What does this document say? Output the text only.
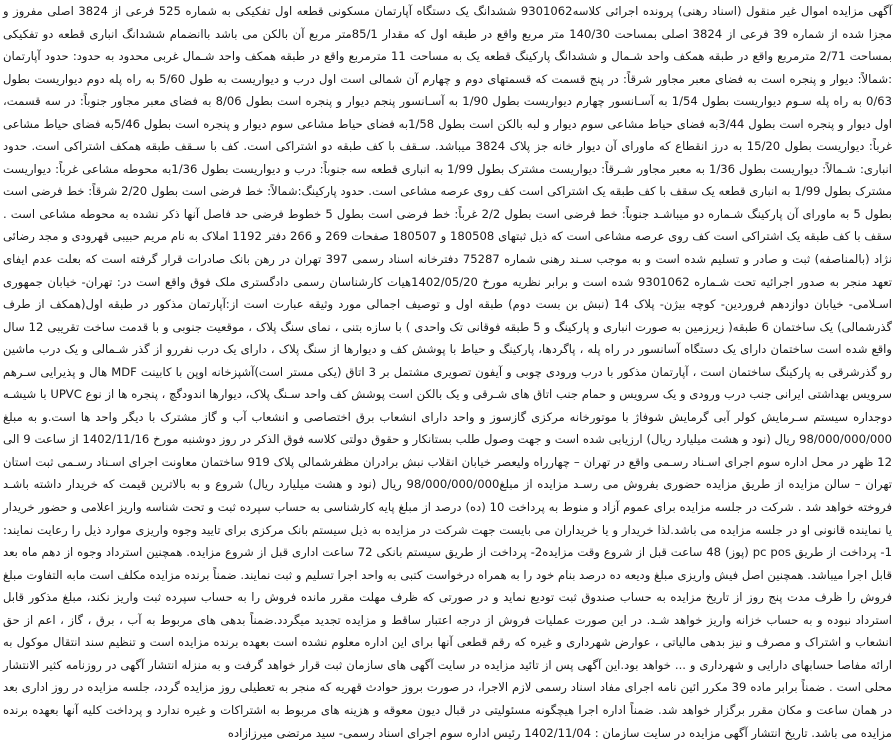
آگهی مزایده اموال غیر منقول (اسناد رهنی) پرونده اجرائی کلاسه9301062 ششدانگ یک دستگاه آپارتمان مسکونی قطعه اول تفکیکی به شماره 525 فرعی از 3824 اصلی مفروز و مجزا شده از شماره 39 فرعی از 3824 اصلی بمساحت 140/30 متر مربع واقع در طبقه اول که مقدار 85/1متر مربع آن بالکن می باشد باانضمام ششدانگ انباری قطعه دو تفکیکی بمساحت 2/71 مترمربع واقع در طبقه همکف واحد شـمال و ششدانگ پارکینگ قطعه یک به مساحت 11 مترمربع واقع در طبقه همکف واحد شـمال غربی محدود به حدود: حدود آپارتمان :شمالاً: دیوار و پنجره است به فضای معبر مجاور شرقاً: در پنج قسمت که قسمتهای دوم و چهارم آن شمالی است اول درب و دیواریست به طول 5/60 به راه پله دوم دیواریست بطول 0/63 به راه پله سـوم دیواریست بطول 1/54 به آسـانسور چهارم دیواریست بطول 1/90 به آسـانسور پنجم دیوار و پنجره است بطول 8/06 به فضای معبر مجاور جنوباً: در سه قسمت، اول دیوار و پنجره است بطول 3/44به فضای حیاط مشاعی سوم دیوار و لبه بالکن است بطول 1/58به فضای حیاط مشاعی سوم دیوار و پنجره است بطول 5/46به فضای حیاط مشاعی غرباً: دیواریست بطول 15/20 به درز انقطاع که ماورای آن دیوار خانه جز پلاک 3824 میباشد. سـقف با کف طبقه دو اشتراکی است. کف با سـقف طبقه همکف اشتراکی است. حدود انباری: شـمالاً: دیواریست بطول 1/36 به معبر مجاور شـرقاً: دیواریست مشترک بطول 1/99 به انباری قطعه سه جنوباً: درب و دیواریست بطول 1/36به محوطه مشاعی غرباً: دیواریست مشترک بطول 1/99 به انباری قطعه یک سقف با کف طبقه یک اشتراکی است کف روی عرصه مشاعی است. حدود پارکینگ:شمالاً: خط فرضی است بطول 2/20 شرقاً: خط فرضی است بطول 5 به ماورای آن پارکینگ شـماره دو میباشـد جنوباً: خط فرضی است بطول 2/2 غرباً: خط فرضی است بطول 5 خطوط فرضی حد فاصل آنها ذکر نشده به محوطه مشاعی است . سقف با کف طبقه یک اشتراکی است کف روی عرصه مشاعی است که ذیل ثبتهای 180508 و 180507 صفحات 269 و 266 دفتر 1192 املاک به نام مریم حبیبی قهرودی و مجد رضائی نژاد (بالمناصفه) ثبت و صادر و تسلیم شده است و به موجب سـند رهنی شماره 75287 دفترخانه اسناد رسمی 397 تهران در رهن بانک صادرات قرار گرفته است که بعلت عدم ایفای تعهد منجر به صدور اجرائیه تحت شـماره 9301062 شده است و برابر نظریه مورخ 1402/05/20هیات کارشناسان رسمی دادگستری ملک فوق واقع است در: تهران- خیابان جمهوری اسـلامی- خیابان دوازدهم فروردین- کوچه بیژن- پلاک 14 (نبش بن بست دوم) طبقه اول و توصیف اجمالی مورد وثیقه عبارت است از:آپارتمان مذکور در طبقه اول(همکف از طرف گذرشمالی) یک ساختمان 6 طبقه( زیرزمین به صورت انباری و پارکینگ و 5 طبقه فوقانی تک واحدی ) با سازه بتنی ، نمای سنگ پلاک ، موقعیت جنوبی و با قدمت ساخت تقریبی 12 سال واقع شده است ساختمان دارای یک دستگاه آسانسور در راه پله ، پاگردها، پارکینگ و حیاط با پوشش کف و دیوارها از سنگ پلاک ، دارای یک درب نفررو از گذر شـمالی و یک درب ماشین رو گذرشرقی به پارکینگ ساختمان است ، آپارتمان مذکور با درب ورودی چوبی و آیفون تصویری مشتمل بر 3 اتاق (یکی مستر است)آشپزخانه اوپن با کابینت MDF هال و پذیرایی سـرهم سرویس بهداشتی ایرانی جنب درب ورودی و یک سرویس و حمام جنب اتاق های شـرقی و یک بالکن است پوشش کف واحد سـنگ پلاک، دیوارها اندودگچ ، پنجره ها از نوع UPVC با شیشـه دوجداره سیستم سـرمایش کولر آبی گرمایش شوفاژ با موتورخانه مرکزی گازسوز و واحد دارای انشعاب برق اختصاصی و انشعاب آب و گاز مشترک با دیگر واحد ها است.و به مبلغ 98/000/000/000 ریال (نود و هشت میلیارد ریال) ارزیابی شده است و جهت وصول طلب بستانکار و حقوق دولتی کلاسه فوق الذکر در روز دوشنبه مورخ 1402/11/16 از ساعت 9 الی 12 ظهر در محل اداره سوم اجرای اسـناد رسـمی واقع در تهران – چهارراه ولیعصر خیابان انقلاب نبش برادران مظفرشمالی پلاک 919 ساختمان معاونت اجرای اسـناد رسـمی ثبت استان تهران – سالن مزایده از طریق مزایده حضوری بفروش می رسـد مزایده از مبلغ98/000/000/000 ریال (نود و هشت میلیارد ریال) شروع و به بالاترین قیمت که خریدار داشته باشـد فروخته خواهد شد . شرکت در جلسه مزایده برای عموم آزاد و منوط به پرداخت 10 (ده) درصد از مبلغ پایه کارشناسی به حساب سپرده ثبت و تحت شناسه واریز اعلامی و حضور خریدار یا نماینده قانونی او در جلسه مزایده می باشد.لذا خریدار و یا خریداران می بایست جهت شرکت در مزایده به ذیل سیستم بانک مرکزی برای تایید وجوه واریزی موارد ذیل را رعایت نمایند: 1- پرداخت از طریق pc pos (پوز) 48 ساعت قبل از شروع وقت مزایده2- پرداخت از طریق سیستم بانکی 72 ساعت اداری قبل از شروع مزایده. همچنین استرداد وجوه از دهم ماه بعد قابل اجرا میباشد. همچنین اصل فیش واریزی مبلغ ودیعه ده درصد بنام خود را به همراه درخواست کتبی به واحد اجرا تسلیم و ثبت نمایند. ضمناً برنده مزایده مکلف است مابه التفاوت مبلغ فروش را ظرف مدت پنج روز از تاریخ مزایده به حساب صندوق ثبت تودیع نماید و در صورتی که ظرف مهلت مقرر مانده فروش را به حساب سپرده ثبت واریز نکند، مبلغ مذکور قابل استرداد نبوده و به حساب خزانه واریز خواهد شـد. در این صورت عملیات فروش از درجه اعتبار ساقط و مزایده تجدید میگردد.ضمناً بدهی های مربوط به آب ، برق ، گاز ، اعم از حق انشعاب و اشتراک و مصرف و نیز بدهی مالیاتی ، عوارض شهرداری و غیره که رقم قطعی آنها برای این اداره معلوم نشده است بعهده برنده مزایده است و تنظیم سند انتقال موکول به ارائه مفاصا حسابهای دارایی و شهرداری و ... خواهد بود.این آگهی پس از تائید مزایده در سایت آگهی های سازمان ثبت قرار خواهد گرفت و به منزله انتشار آگهی در روزنامه کثیر الانتشار محلی است . ضمناً برابر ماده 39 مکرر ائین نامه اجرای مفاد اسناد رسمی لازم الاجرا، در صورت بروز حوادث قهریه که منجر به تعطیلی روز مزایده گردد، جلسه مزایده در روز اداری بعد در همان ساعت و مکان مقرر برگزار خواهد شد. ضمناً اداره اجرا هیچگونه مسئولیتی در قبال دیون معوقه و هزینه های مربوط به اشتراکات و غیره ندارد و پرداخت کلیه آنها بعهده برنده مزایده می باشد. تاریخ انتشار آگهی مزایده در سایت سازمان : 1402/11/04 رئیس اداره سوم اجرای اسناد رسمی- سید مرتضی میرزازاده
